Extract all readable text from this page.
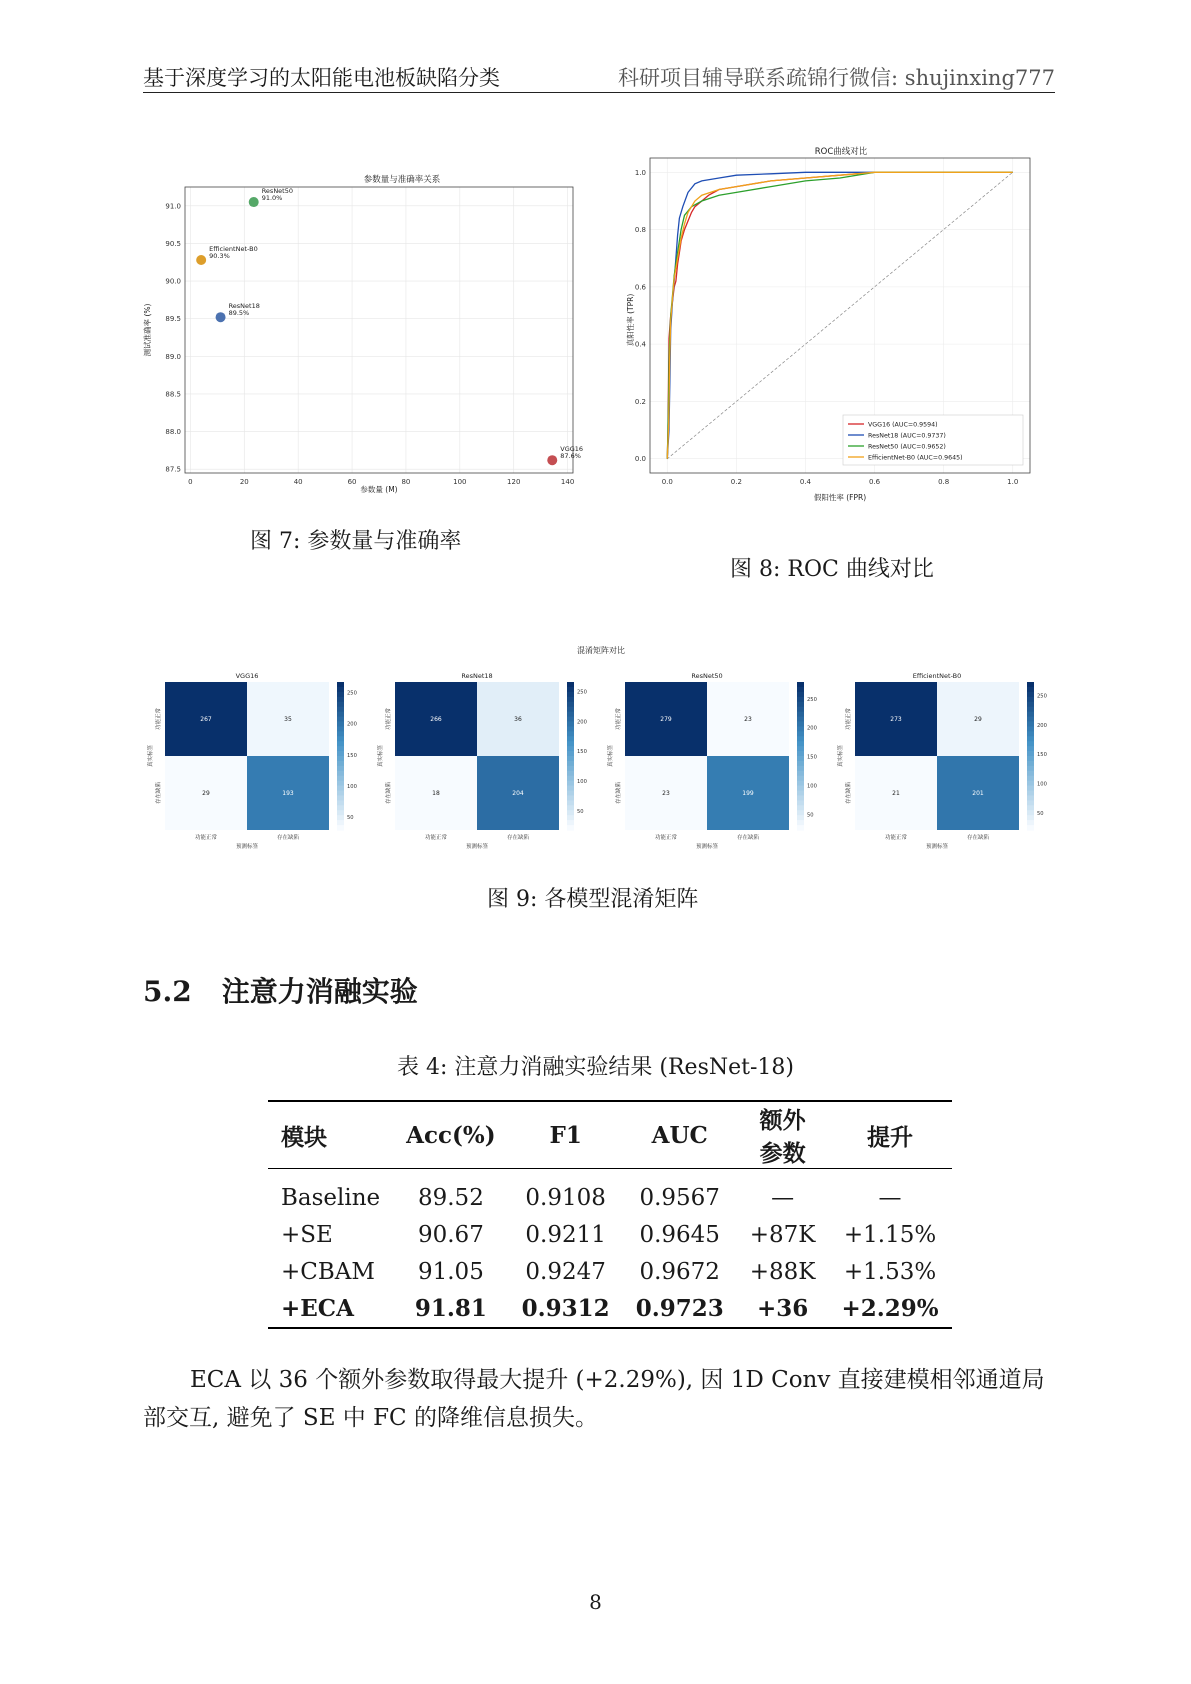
基于深度学习的太阳能电池板缺陷分类	科研项目辅导联系疏锦行微信: shujinxing777
参数量与准确率关系
0	20	40	60	80	100	120	140
87.5
88.0
88.5
89.0
89.5
90.0
90.5
91.0
ResNet50
91.0%
EfficientNet-B0
90.3%
ResNet18
89.5%
VGG16
87.6%
参数量 (M)
测试准确率 (%)
图 7: 参数量与准确率
ROC曲线对比
0.0	0.2	0.4	0.6	0.8	1.0
0.0
0.2
0.4
0.6
0.8
1.0
VGG16 (AUC=0.9594)
ResNet18 (AUC=0.9737)
ResNet50 (AUC=0.9652)
EfficientNet-B0 (AUC=0.9645)
假阳性率 (FPR)
真阳性率 (TPR)
图 8: ROC 曲线对比
混淆矩阵对比
VGG16
267	35
29	193
功能正常	存在缺陷
功能正常
存在缺陷
预测标签
真实标签
250
200
150
100
50
ResNet18
266	36
18	204
功能正常	存在缺陷
功能正常
存在缺陷
预测标签
真实标签
250
200
150
100
50
ResNet50
279	23
23	199
功能正常	存在缺陷
功能正常
存在缺陷
预测标签
真实标签
250
200
150
100
50
EfficientNet-B0
273	29
21	201
功能正常	存在缺陷
功能正常
存在缺陷
预测标签
真实标签
250
200
150
100
50
图 9: 各模型混淆矩阵
5.2 注意力消融实验
表 4: 注意力消融实验结果 (ResNet-18)
模块	Acc(%)	F1	AUC	额外参数	提升
Baseline	89.52	0.9108	0.9567	—	—
+SE	90.67	0.9211	0.9645	+87K	+1.15%
+CBAM	91.05	0.9247	0.9672	+88K	+1.53%
+ECA	91.81	0.9312	0.9723	+36	+2.29%
ECA 以 36 个额外参数取得最大提升 (+2.29%), 因 1D Conv 直接建模相邻通道局
部交互, 避免了 SE 中 FC 的降维信息损失。
8
